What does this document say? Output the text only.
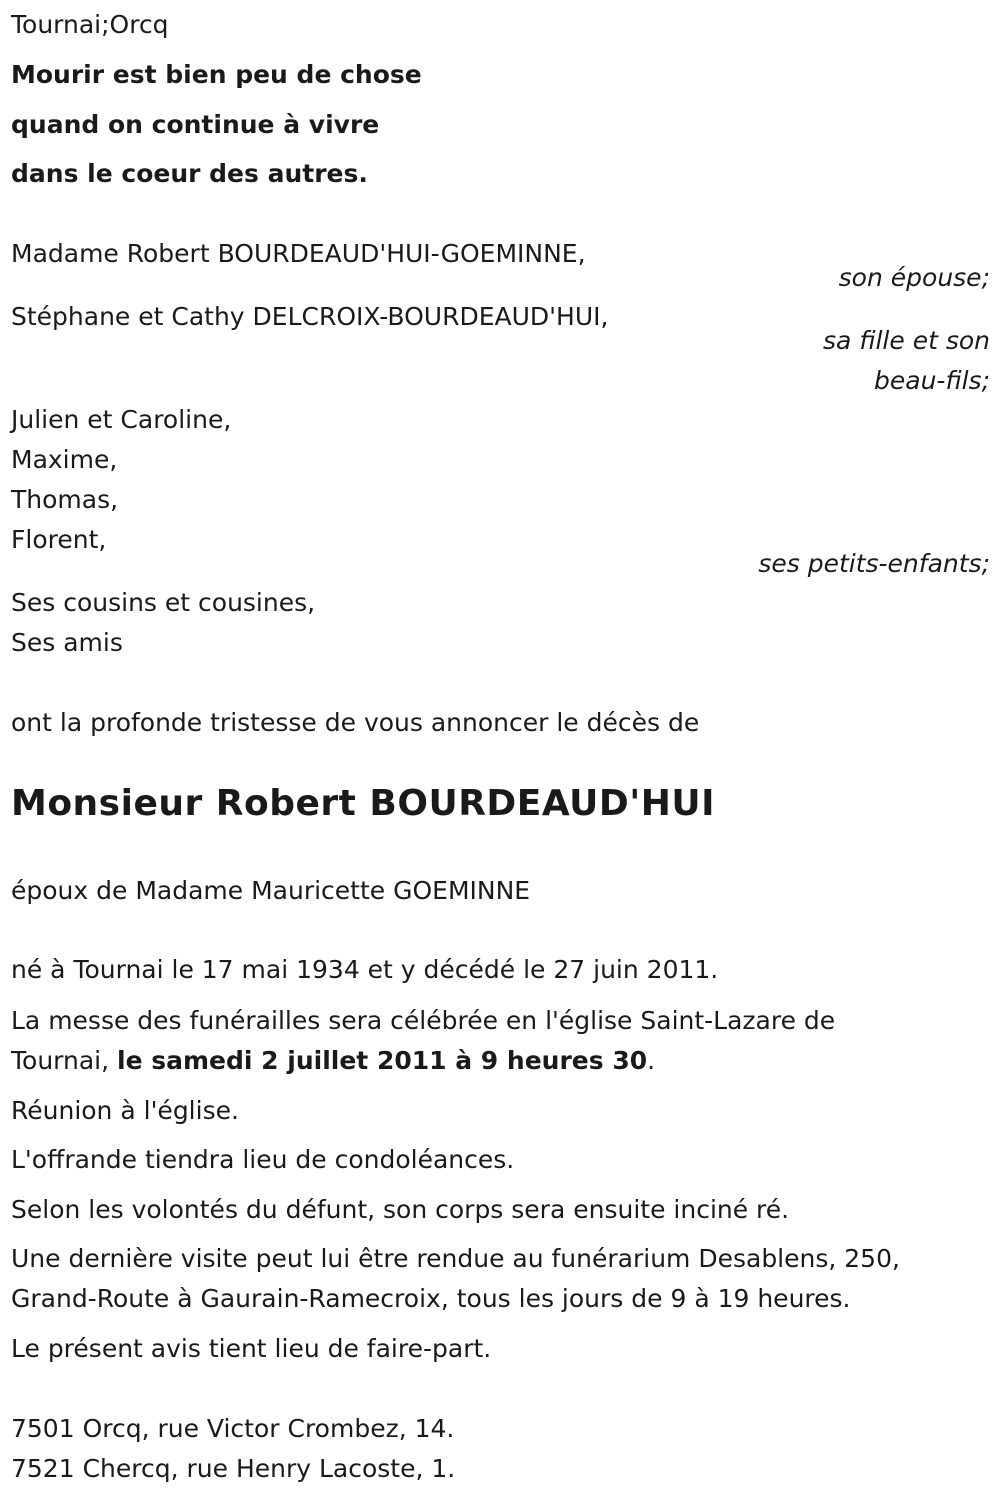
Tournai;Orcq
Mourir est bien peu de chose
quand on continue à vivre
dans le coeur des autres.
Madame Robert BOURDEAUD'HUI-GOEMINNE,
son épouse;
Stéphane et Cathy DELCROIX-BOURDEAUD'HUI,
sa fille et son
beau-fils;
Julien et Caroline,
Maxime,
Thomas,
Florent,
ses petits-enfants;
Ses cousins et cousines,
Ses amis
ont la profonde tristesse de vous annoncer le décès de
Monsieur Robert BOURDEAUD'HUI
époux de Madame Mauricette GOEMINNE
né à Tournai le 17 mai 1934 et y décédé le 27 juin 2011.
La messe des funérailles sera célébrée en l'église Saint-Lazare de
Tournai, le samedi 2 juillet 2011 à 9 heures 30.
Réunion à l'église.
L'offrande tiendra lieu de condoléances.
Selon les volontés du défunt, son corps sera ensuite inciné ré.
Une dernière visite peut lui être rendue au funérarium Desablens, 250,
Grand-Route à Gaurain-Ramecroix, tous les jours de 9 à 19 heures.
Le présent avis tient lieu de faire-part.
7501 Orcq, rue Victor Crombez, 14.
7521 Chercq, rue Henry Lacoste, 1.
